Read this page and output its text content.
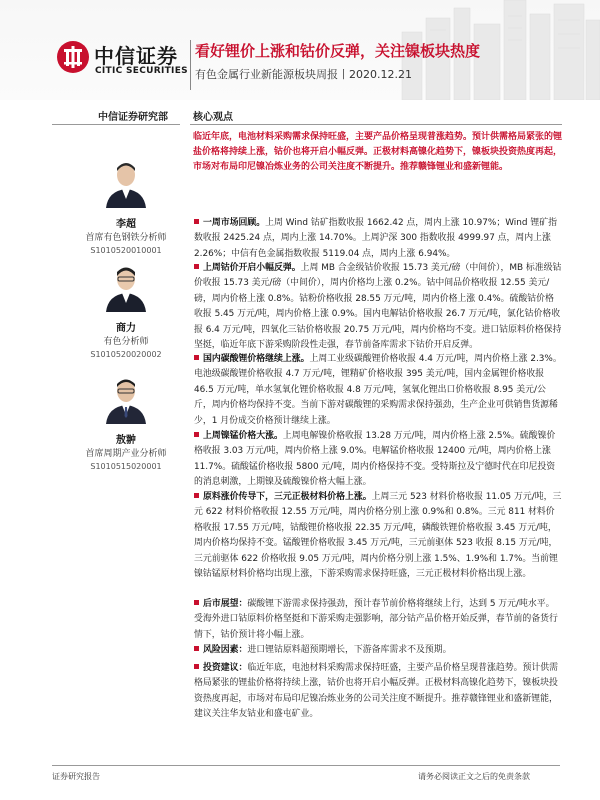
中信证券
CITIC SECURITIES
看好锂价上涨和钴价反弹，关注镍板块热度
有色金属行业新能源板块周报丨2020.12.21
中信证券研究部	核心观点
李超
首席有色钢铁分析师
S1010520010001
商力
有色分析师
S1010520020002
敖翀
首席周期产业分析师
S1010515020001
临近年底，电池材料采购需求保持旺盛，主要产品价格呈现普涨趋势。预计供需格局紧张的锂盐价格将持续上涨，钴价也将开启小幅反弹。正极材料高镍化趋势下，镍板块投资热度再起，市场对布局印尼镍冶炼业务的公司关注度不断提升。推荐赣锋锂业和盛新锂能。
一周市场回顾。上周 Wind 钴矿指数收报 1662.42 点，周内上涨 10.97%；Wind 锂矿指数收报 2425.24 点，周内上涨 14.70%。上周沪深 300 指数收报 4999.97 点，周内上涨 2.26%；中信有色金属指数收报 5119.04 点，周内上涨 6.94%。
上周钴价开启小幅反弹。上周 MB 合金级钴价收报 15.73 美元/磅（中间价），MB 标准级钴价收报 15.73 美元/磅（中间价），周内价格均上涨 0.2%。钴中间品价格收报 12.55 美元/磅，周内价格上涨 0.8%。钴粉价格收报 28.55 万元/吨，周内价格上涨 0.4%。硫酸钴价格收报 5.45 万元/吨，周内价格上涨 0.9%。国内电解钴价格收报 26.7 万元/吨，氯化钴价格收报 6.4 万元/吨，四氧化三钴价格收报 20.75 万元/吨，周内价格均不变。进口钴原料价格保持坚挺，临近年底下游采购阶段性走强，春节前备库需求下钴价开启反弹。
国内碳酸锂价格继续上涨。上周工业级碳酸锂价格收报 4.4 万元/吨，周内价格上涨 2.3%。电池级碳酸锂价格收报 4.7 万元/吨，锂精矿价格收报 395 美元/吨，国内金属锂价格收报 46.5 万元/吨，单水氢氧化锂价格收报 4.8 万元/吨，氢氧化锂出口价格收报 8.95 美元/公斤，周内价格均保持不变。当前下游对碳酸锂的采购需求保持强劲，生产企业可供销售货源稀少，1 月份成交价格预计继续上涨。
上周镍锰价格大涨。上周电解镍价格收报 13.28 万元/吨，周内价格上涨 2.5%。硫酸镍价格收报 3.03 万元/吨，周内价格上涨 9.0%。电解锰价格收报 12400 元/吨，周内价格上涨 11.7%。硫酸锰价格收报 5800 元/吨，周内价格保持不变。受特斯拉及宁德时代在印尼投资的消息刺激，上期镍及硫酸镍价格大幅上涨。
原料涨价传导下，三元正极材料价格上涨。上周三元 523 材料价格收报 11.05 万元/吨，三元 622 材料价格收报 12.55 万元/吨，周内价格分别上涨 0.9%和 0.8%。三元 811 材料价格收报 17.55 万元/吨，钴酸锂价格收报 22.35 万元/吨，磷酸铁锂价格收报 3.45 万元/吨，周内价格均保持不变。锰酸锂价格收报 3.45 万元/吨，三元前驱体 523 收报 8.15 万元/吨，三元前驱体 622 价格收报 9.05 万元/吨，周内价格分别上涨 1.5%、1.9%和 1.7%。当前锂镍钴锰原材料价格均出现上涨，下游采购需求保持旺盛，三元正极材料价格出现上涨。
后市展望：碳酸锂下游需求保持强劲，预计春节前价格将继续上行，达到 5 万元/吨水平。受海外进口钴原料价格坚挺和下游采购走强影响，部分钴产品价格开始反弹，春节前的备货行情下，钴价预计将小幅上涨。
风险因素：进口锂钴原料超预期增长，下游备库需求不及预期。
投资建议：临近年底，电池材料采购需求保持旺盛，主要产品价格呈现普涨趋势。预计供需格局紧张的锂盐价格将持续上涨，钴价也将开启小幅反弹。正极材料高镍化趋势下，镍板块投资热度再起，市场对布局印尼镍冶炼业务的公司关注度不断提升。推荐赣锋锂业和盛新锂能，建议关注华友钴业和盛屯矿业。
证券研究报告	请务必阅读正文之后的免责条款
